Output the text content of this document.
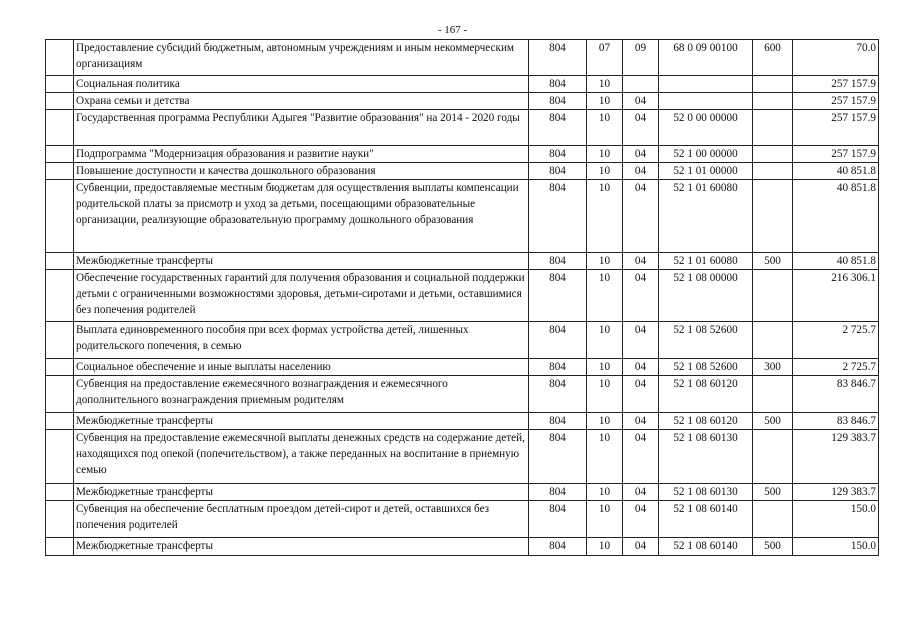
- 167 -
	Предоставление субсидий бюджетным, автономным учреждениям и иным некоммерческим организациям	804	07	09	68 0 09 00100	600	70.0
	Социальная политика	804	10				257 157.9
	Охрана семьи и детства	804	10	04			257 157.9
	Государственная программа Республики Адыгея "Развитие образования" на 2014 - 2020 годы	804	10	04	52 0 00 00000		257 157.9
	Подпрограмма "Модернизация образования и развитие науки"	804	10	04	52 1 00 00000		257 157.9
	Повышение доступности и качества дошкольного образования	804	10	04	52 1 01 00000		40 851.8
	Субвенции, предоставляемые местным бюджетам для осуществления выплаты компенсации родительской платы за присмотр и уход за детьми, посещающими образовательные организации, реализующие образовательную программу дошкольного образования	804	10	04	52 1 01 60080		40 851.8
	Межбюджетные трансферты	804	10	04	52 1 01 60080	500	40 851.8
	Обеспечение государственных гарантий для получения образования и социальной поддержки детьми с ограниченными возможностями здоровья, детьми-сиротами и детьми, оставшимися без попечения родителей	804	10	04	52 1 08 00000		216 306.1
	Выплата единовременного пособия при всех формах устройства детей, лишенных родительского попечения, в семью	804	10	04	52 1 08 52600		2 725.7
	Социальное обеспечение и иные выплаты населению	804	10	04	52 1 08 52600	300	2 725.7
	Субвенция на предоставление ежемесячного вознаграждения и ежемесячного дополнительного вознаграждения приемным родителям	804	10	04	52 1 08 60120		83 846.7
	Межбюджетные трансферты	804	10	04	52 1 08 60120	500	83 846.7
	Субвенция на предоставление ежемесячной выплаты денежных средств на содержание детей, находящихся под опекой (попечительством), а также переданных на воспитание в приемную семью	804	10	04	52 1 08 60130		129 383.7
	Межбюджетные трансферты	804	10	04	52 1 08 60130	500	129 383.7
	Субвенция на обеспечение бесплатным проездом детей-сирот и детей, оставшихся без попечения родителей	804	10	04	52 1 08 60140		150.0
	Межбюджетные трансферты	804	10	04	52 1 08 60140	500	150.0
